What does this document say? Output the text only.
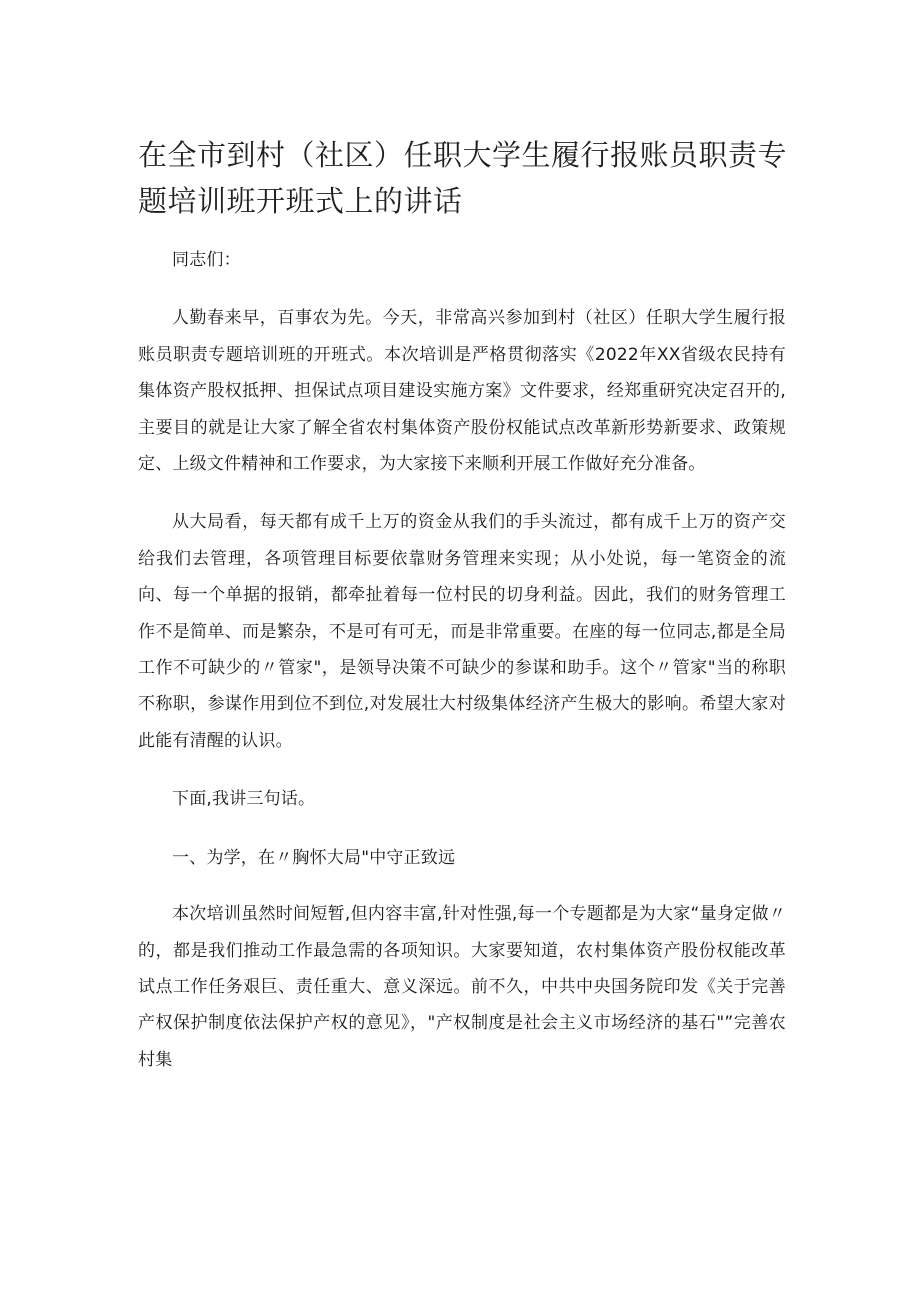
在全市到村（社区）任职大学生履行报账员职责专题培训班开班式上的讲话

同志们：

人勤春来早，百事农为先。今天，非常高兴参加到村（社区）任职大学生履行报账员职责专题培训班的开班式。本次培训是严格贯彻落实《2022年XX省级农民持有集体资产股权抵押、担保试点项目建设实施方案》文件要求，经郑重研究决定召开的,主要目的就是让大家了解全省农村集体资产股份权能试点改革新形势新要求、政策规定、上级文件精神和工作要求，为大家接下来顺利开展工作做好充分准备。

从大局看，每天都有成千上万的资金从我们的手头流过，都有成千上万的资产交给我们去管理，各项管理目标要依靠财务管理来实现；从小处说，每一笔资金的流向、每一个单据的报销，都牵扯着每一位村民的切身利益。因此，我们的财务管理工作不是简单、而是繁杂，不是可有可无，而是非常重要。在座的每一位同志,都是全局工作不可缺少的〃管家"，是领导决策不可缺少的参谋和助手。这个〃管家"当的称职不称职，参谋作用到位不到位,对发展壮大村级集体经济产生极大的影响。希望大家对此能有清醒的认识。

下面,我讲三句话。

一、为学，在〃胸怀大局"中守正致远

本次培训虽然时间短暂,但内容丰富,针对性强,每一个专题都是为大家“量身定做〃的，都是我们推动工作最急需的各项知识。大家要知道，农村集体资产股份权能改革试点工作任务艰巨、责任重大、意义深远。前不久，中共中央国务院印发《关于完善产权保护制度依法保护产权的意见》，"产权制度是社会主义市场经济的基石"”完善农村集
